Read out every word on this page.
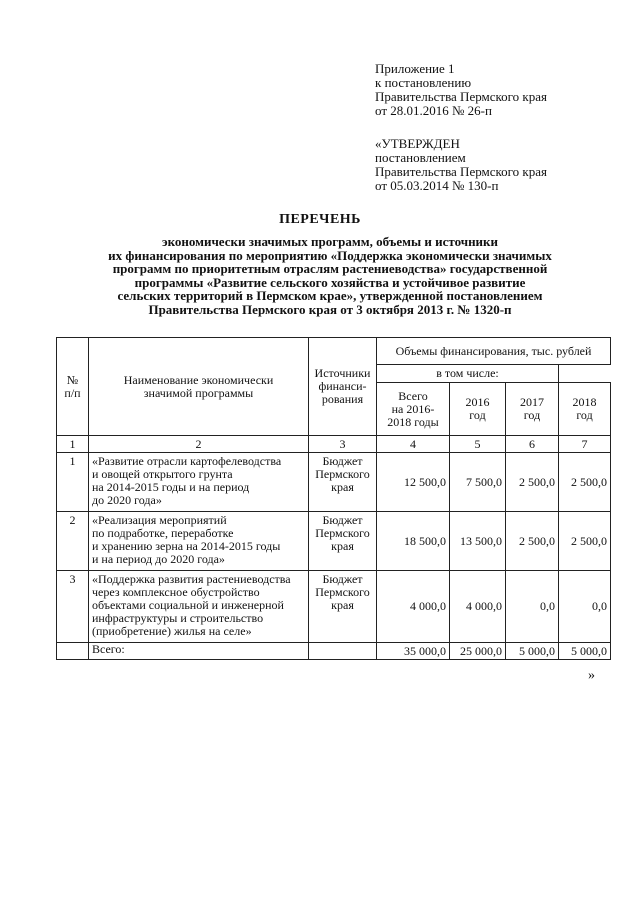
Приложение 1
к постановлению
Правительства Пермского края
от 28.01.2016 № 26-п
«УТВЕРЖДЕН
постановлением
Правительства Пермского края
от 05.03.2014 № 130-п
ПЕРЕЧЕНЬ
экономически значимых программ, объемы и источники
их финансирования по мероприятию «Поддержка экономически значимых
программ по приоритетным отраслям растениеводства» государственной
программы «Развитие сельского хозяйства и устойчивое развитие
сельских территорий в Пермском крае», утвержденной постановлением
Правительства Пермского края от 3 октября 2013 г. № 1320-п
№
п/п	Наименование экономически
значимой программы	Источники
финанси-
рования	Объемы финансирования, тыс. рублей			
			в том числе:			
			Всего
на 2016-
2018 годы	2016
год	2017
год	2018
год
1	2	3	4	5	6	7
1	«Развитие отрасли картофелеводства
и овощей открытого грунта
на 2014-2015 годы и на период
до 2020 года»	Бюджет
Пермского
края	12 500,0	7 500,0	2 500,0	2 500,0
2	«Реализация мероприятий
по подработке, переработке
и хранению зерна на 2014-2015 годы
и на период до 2020 года»	Бюджет
Пермского
края	18 500,0	13 500,0	2 500,0	2 500,0
3	«Поддержка развития растениеводства
через комплексное обустройство
объектами социальной и инженерной
инфраструктуры и строительство
(приобретение) жилья на селе»	Бюджет
Пермского
края	4 000,0	4 000,0	0,0	0,0
	Всего:		35 000,0	25 000,0	5 000,0	5 000,0
»
